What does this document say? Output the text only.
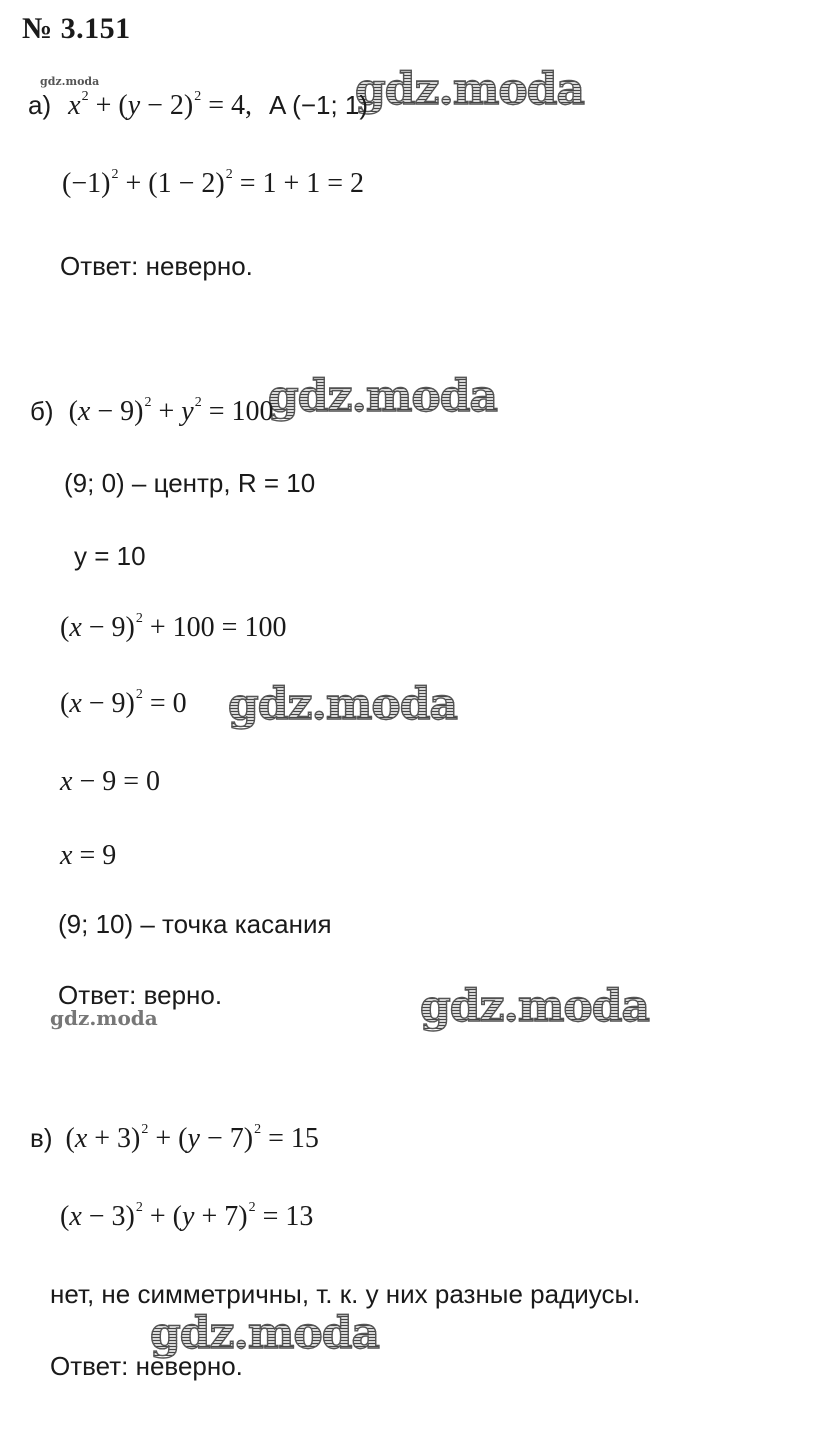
№ 3.151
gdz.moda	gdz.moda
gdz.moda
gdz.moda
gdz.moda
gdz.moda
gdz.moda
а) $x^2 + (y - 2)^2 = 4$, A (−1; 1)
$(-1)^2 + (1 - 2)^2 = 1 + 1 = 2$
Ответ: неверно.
б) $(x - 9)^2 + y^2 = 100$
(9; 0) – центр, R = 10
y = 10
$(x - 9)^2 + 100 = 100$
$(x - 9)^2 = 0$
x − 9 = 0
x = 9
(9; 10) – точка касания
Ответ: верно.
в) $(x + 3)^2 + (y - 7)^2 = 15$
$(x - 3)^2 + (y + 7)^2 = 13$
нет, не симметричны, т. к. у них разные радиусы.
Ответ: неверно.
